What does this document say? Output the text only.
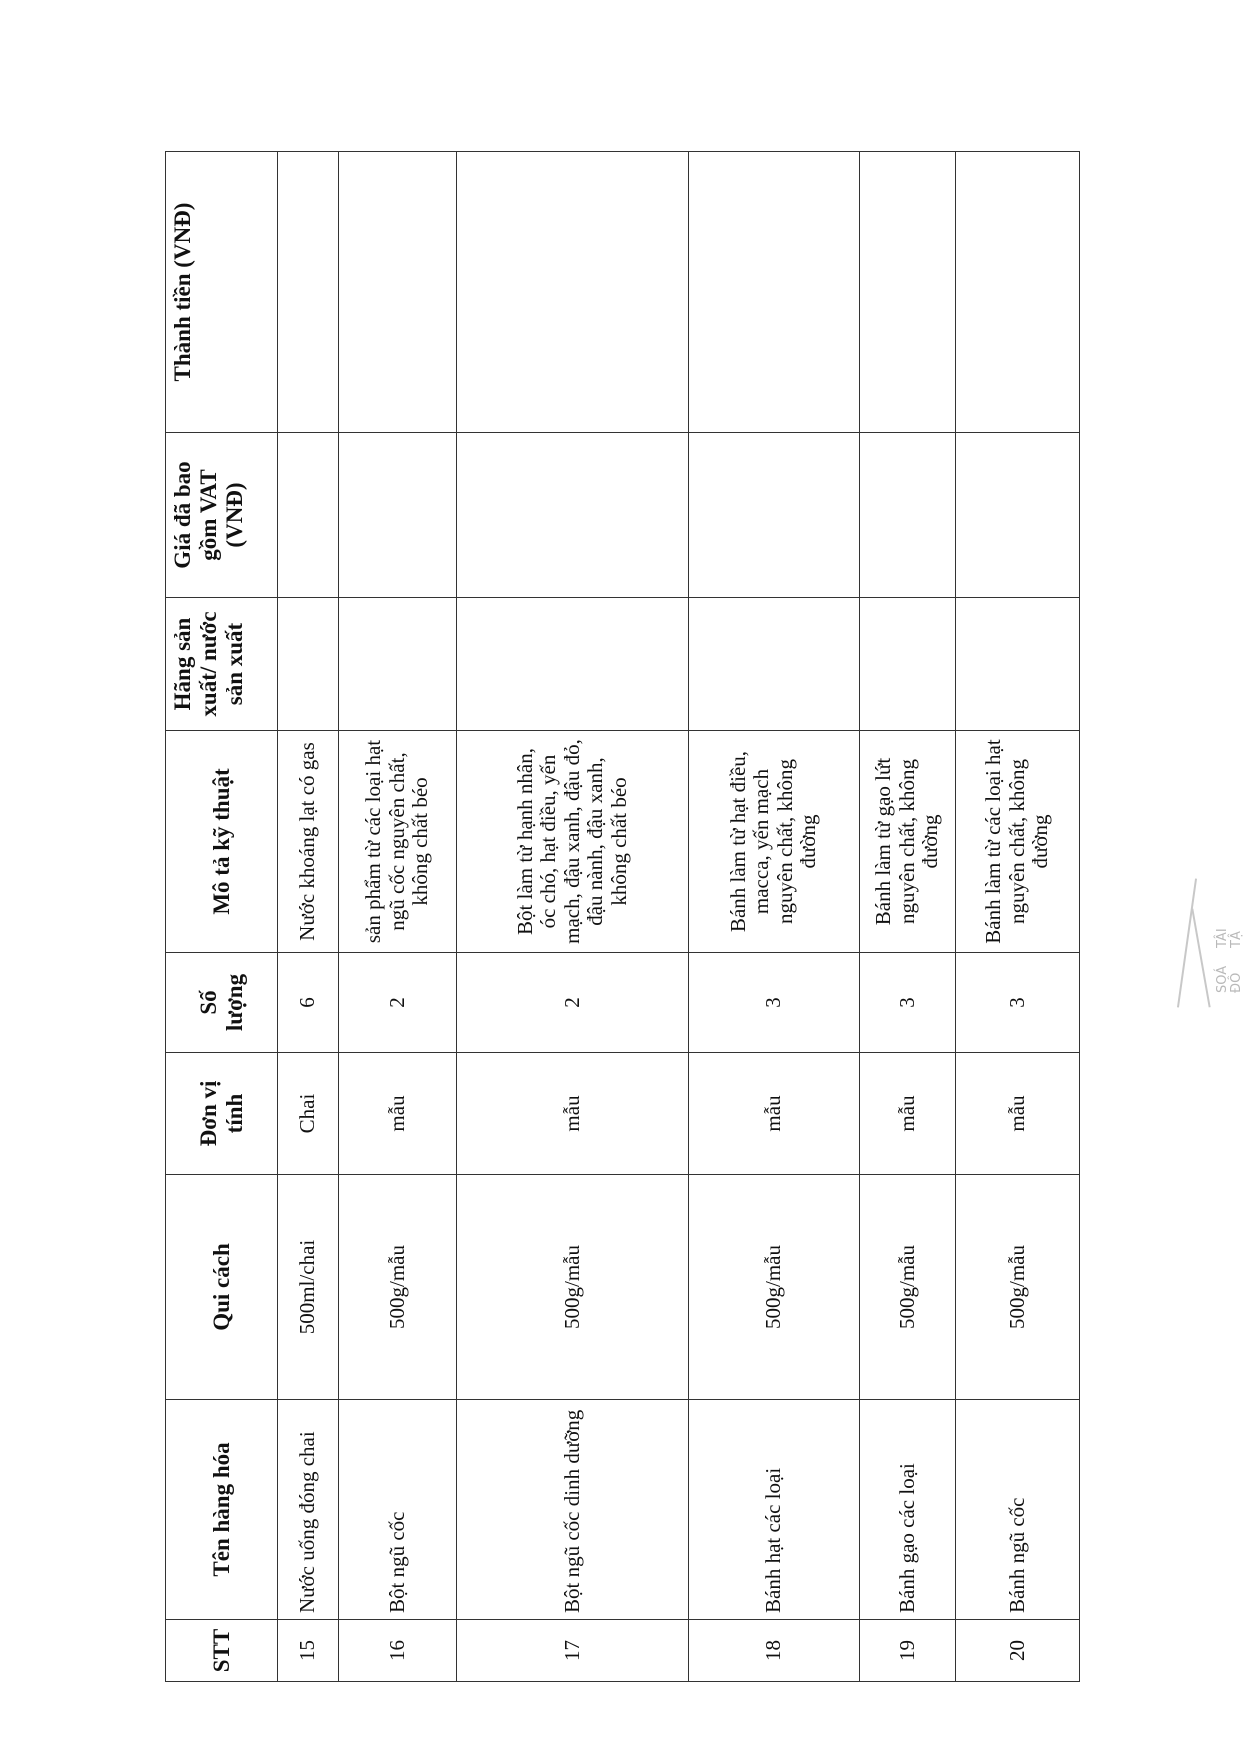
STT	Tên hàng hóa	Qui cách	Đơn vị tính	Số lượng	Mô tả kỹ thuật	Hãng sản xuất/ nước sản xuất	Giá đã bao gồm VAT (VNĐ)	Thành tiền (VNĐ)
15	Nước uống đóng chai	500ml/chai	Chai	6	Nước khoáng lạt có gas			
16	Bột ngũ cốc	500g/mẫu	mẫu	2	sản phẩm từ các loại hạt ngũ cốc nguyên chất, không chất béo			
17	Bột ngũ cốc dinh dưỡng	500g/mẫu	mẫu	2	Bột làm từ hạnh nhân, óc chó, hạt điều, yến mạch, đậu xanh, đậu đỏ, đậu nành, đậu xanh, không chất béo			
18	Bánh hạt các loại	500g/mẫu	mẫu	3	Bánh làm từ hạt điều, macca, yến mạch nguyên chất, không đường			
19	Bánh gạo các loại	500g/mẫu	mẫu	3	Bánh làm từ gạo lứt nguyên chất, không đường			
20	Bánh ngũ cốc	500g/mẫu	mẫu	3	Bánh làm từ các loại hạt nguyên chất, không đường			
TÂI
SOÁ
TẬ
ĐÔ
